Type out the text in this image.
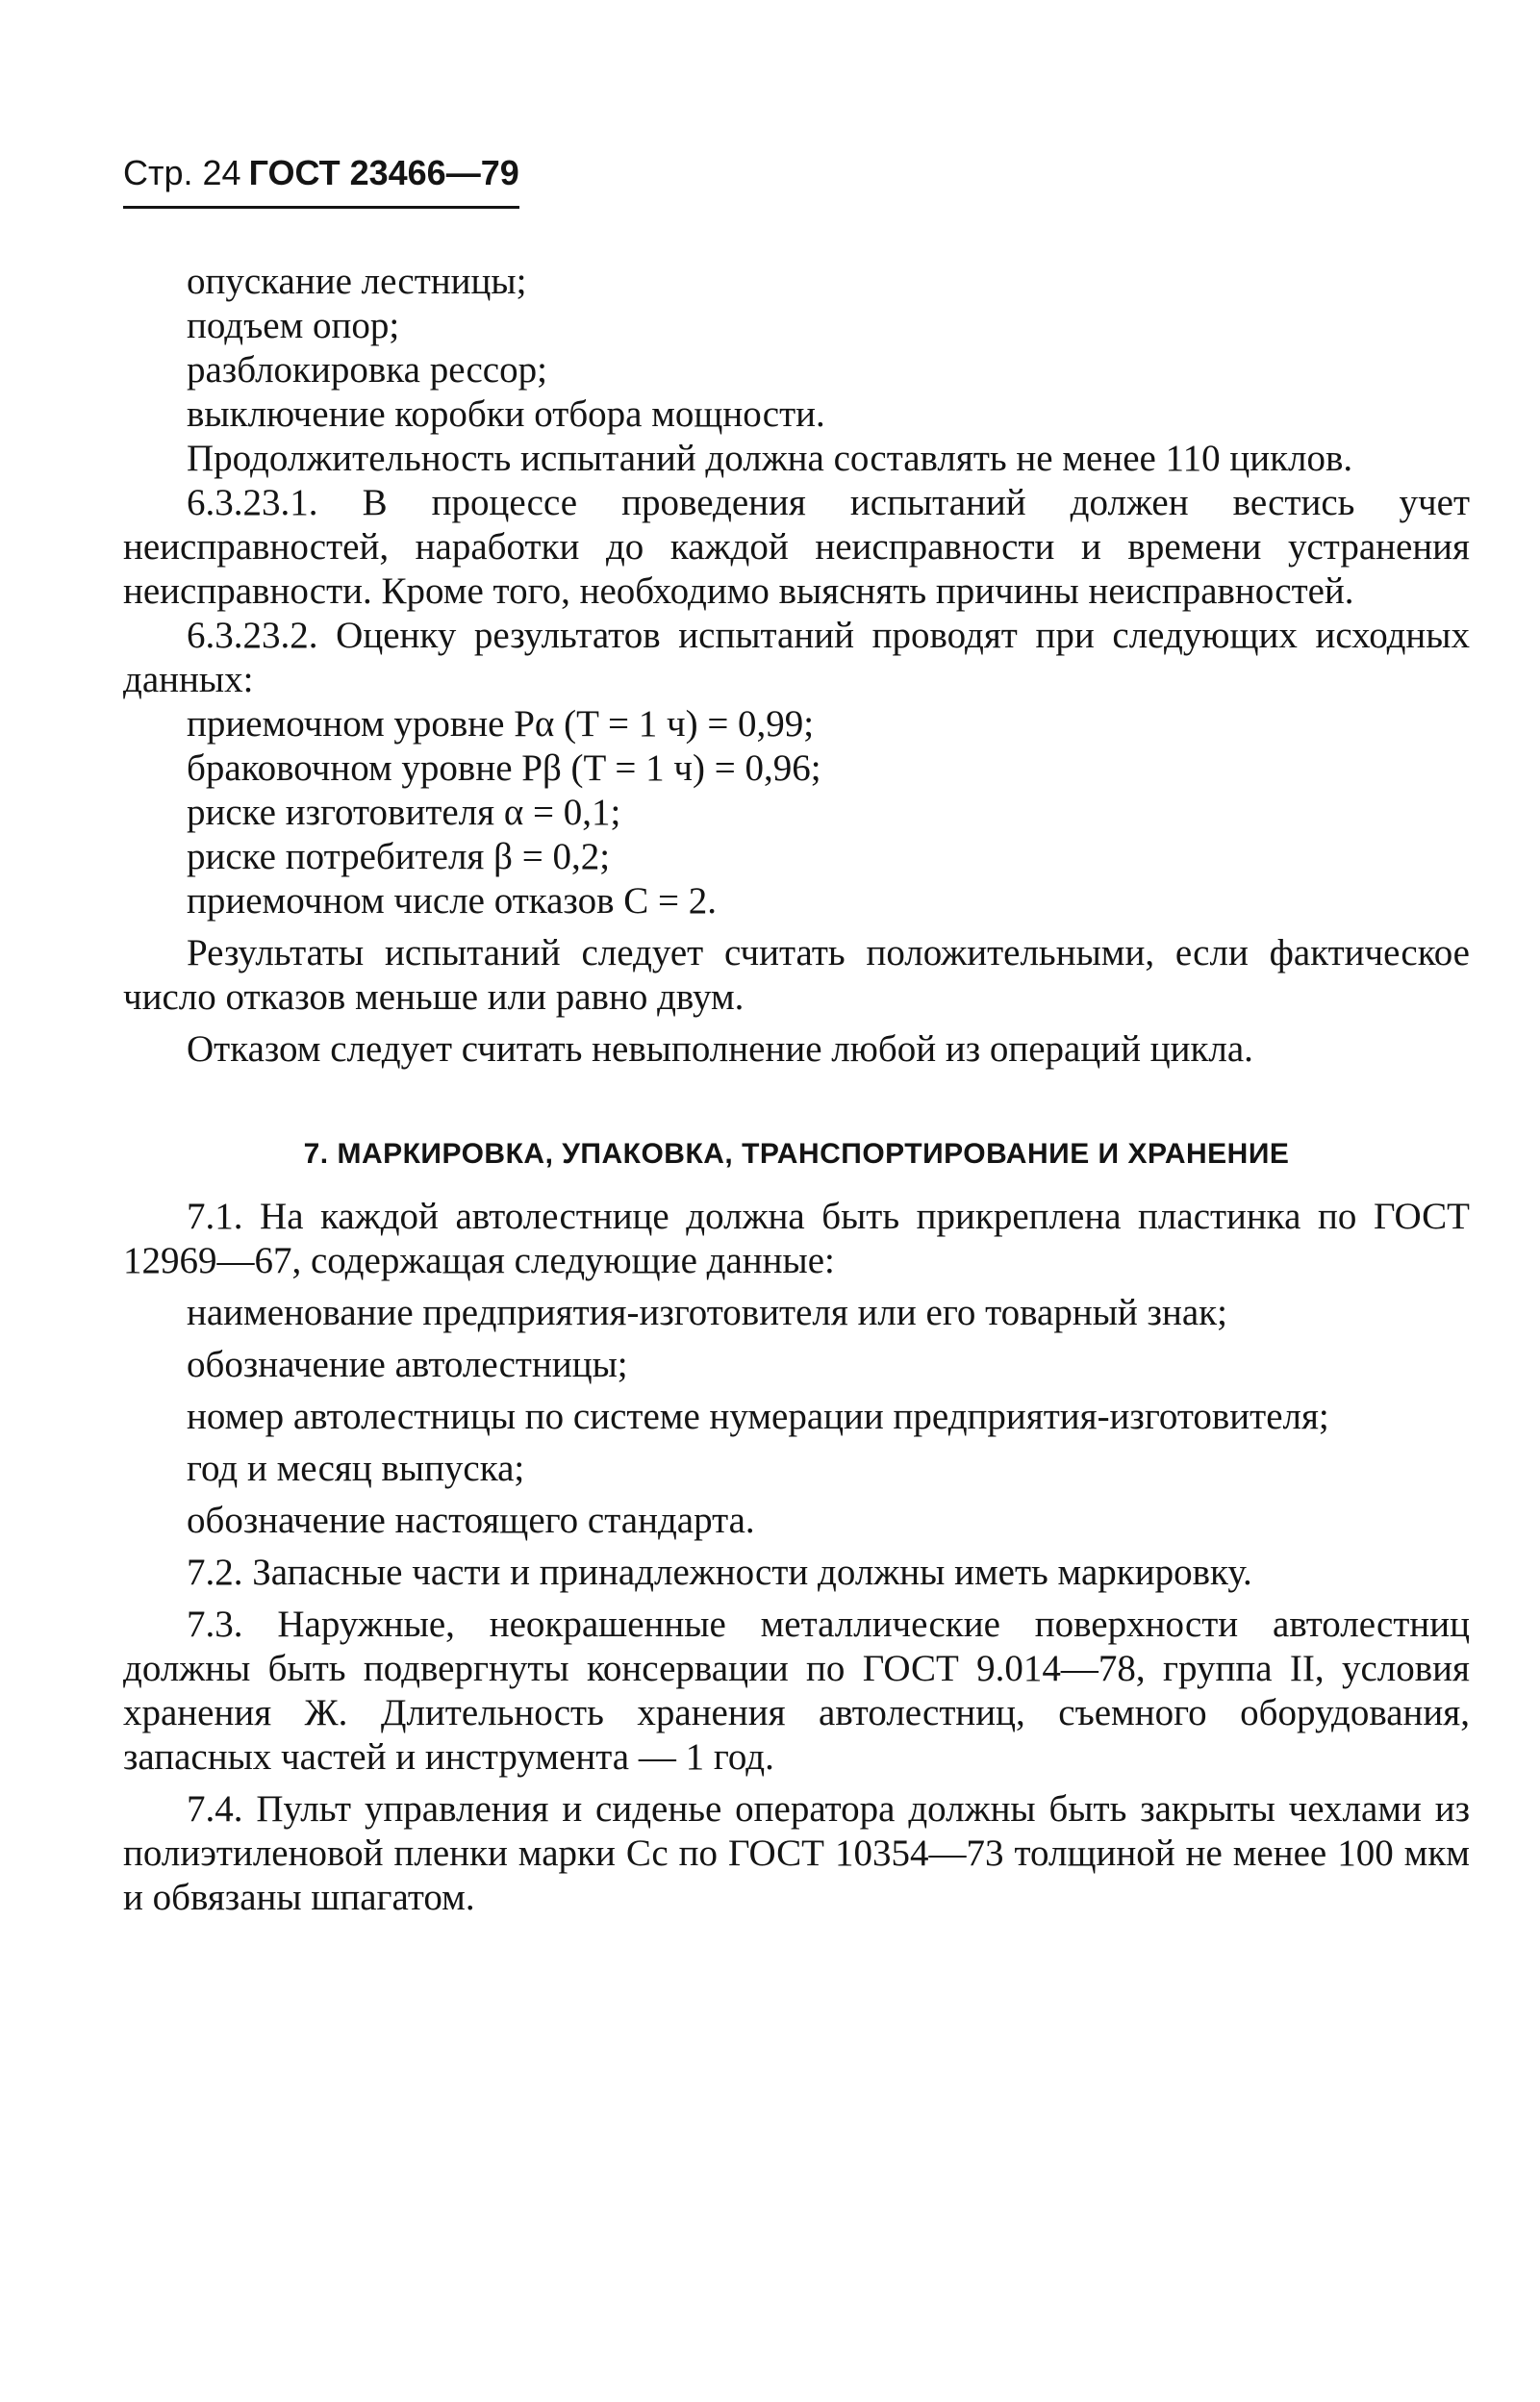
Стр. 24 ГОСТ 23466—79

опускание лестницы;

подъем опор;

разблокировка рессор;

выключение коробки отбора мощности.

Продолжительность испытаний должна составлять не менее 110 циклов.

6.3.23.1. В процессе проведения испытаний должен вестись учет неисправностей, наработки до каждой неисправности и времени устранения неисправности. Кроме того, необходимо выяснять причины неисправностей.

6.3.23.2. Оценку результатов испытаний проводят при следующих исходных данных:

приемочном уровне Pα (T = 1 ч) = 0,99;

браковочном уровне Pβ (T = 1 ч) = 0,96;

риске изготовителя α = 0,1;

риске потребителя β = 0,2;

приемочном числе отказов C = 2.

Результаты испытаний следует считать положительными, если фактическое число отказов меньше или равно двум.

Отказом следует считать невыполнение любой из операций цикла.

7. МАРКИРОВКА, УПАКОВКА, ТРАНСПОРТИРОВАНИЕ И ХРАНЕНИЕ

7.1. На каждой автолестнице должна быть прикреплена пластинка по ГОСТ 12969—67, содержащая следующие данные:

наименование предприятия-изготовителя или его товарный знак;

обозначение автолестницы;

номер автолестницы по системе нумерации предприятия-изготовителя;

год и месяц выпуска;

обозначение настоящего стандарта.

7.2. Запасные части и принадлежности должны иметь маркировку.

7.3. Наружные, неокрашенные металлические поверхности автолестниц должны быть подвергнуты консервации по ГОСТ 9.014—78, группа II, условия хранения Ж. Длительность хранения автолестниц, съемного оборудования, запасных частей и инструмента — 1 год.

7.4. Пульт управления и сиденье оператора должны быть закрыты чехлами из полиэтиленовой пленки марки Сс по ГОСТ 10354—73 толщиной не менее 100 мкм и обвязаны шпагатом.
